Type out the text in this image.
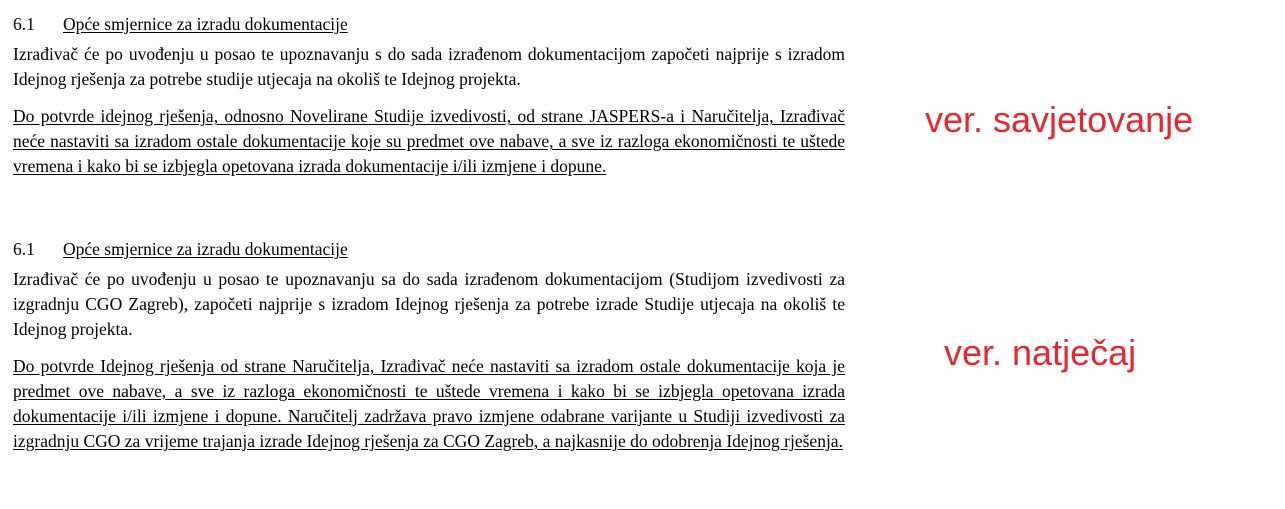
6.1 Opće smjernice za izradu dokumentacije

Izrađivač će po uvođenju u posao te upoznavanju s do sada izrađenom dokumentacijom započeti najprije s izradom Idejnog rješenja za potrebe studije utjecaja na okoliš te Idejnog projekta.

Do potvrde idejnog rješenja, odnosno Novelirane Studije izvedivosti, od strane JASPERS-a i Naručitelja, Izrađivač neće nastaviti sa izradom ostale dokumentacije koje su predmet ove nabave, a sve iz razloga ekonomičnosti te uštede vremena i kako bi se izbjegla opetovana izrada dokumentacije i/ili izmjene i dopune.

ver. savjetovanje
6.1 Opće smjernice za izradu dokumentacije

Izrađivač će po uvođenju u posao te upoznavanju sa do sada izrađenom dokumentacijom (Studijom izvedivosti za izgradnju CGO Zagreb), započeti najprije s izradom Idejnog rješenja za potrebe izrade Studije utjecaja na okoliš te Idejnog projekta.

Do potvrde Idejnog rješenja od strane Naručitelja, Izrađivač neće nastaviti sa izradom ostale dokumentacije koja je predmet ove nabave, a sve iz razloga ekonomičnosti te uštede vremena i kako bi se izbjegla opetovana izrada dokumentacije i/ili izmjene i dopune. Naručitelj zadržava pravo izmjene odabrane varijante u Studiji izvedivosti za izgradnju CGO za vrijeme trajanja izrade Idejnog rješenja za CGO Zagreb, a najkasnije do odobrenja Idejnog rješenja.

ver. natječaj
